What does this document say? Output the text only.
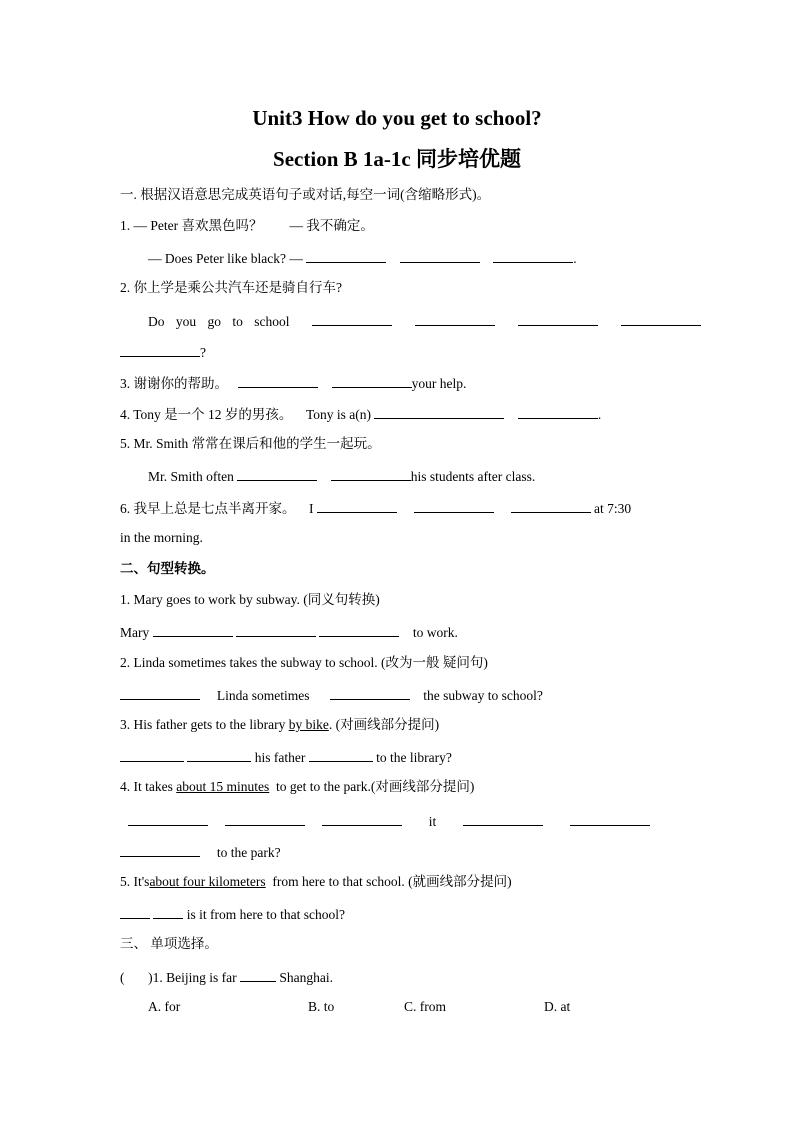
Unit3 How do you get to school?
Section B 1a-1c 同步培优题
一. 根据汉语意思完成英语句子或对话,每空一词(含缩略形式)。
1. — Peter 喜欢黑色吗？　　— 我不确定。
— Does Peter like black? —	.
2. 你上学是乘公共汽车还是骑自行车?
Do you go to school
?
3. 谢谢你的帮助。	your help.
4. Tony 是一个 12 岁的男孩。 Tony is a(n)	.
5. Mr. Smith 常常在课后和他的学生一起玩。
Mr. Smith often	his students after class.
6. 我早上总是七点半离开家。 I	at 7:30
in the morning.
二、句型转换。
1. Mary goes to work by subway. (同义句转换)
Mary	to work.
2. Linda sometimes takes the subway to school. (改为一般 疑问句)
Linda sometimes	the subway to school?
3. His father gets to the library by bike. (对画线部分提问)
his father	to the library?
4. It takes about 15 minutes to get to the park.(对画线部分提问)
it
to the park?
5. It'sabout four kilometers from here to that school. (就画线部分提问)
is it from here to that school?
三、 单项选择。
( )1. Beijing is far	Shanghai.
A. for	B. to	C. from	D. at
